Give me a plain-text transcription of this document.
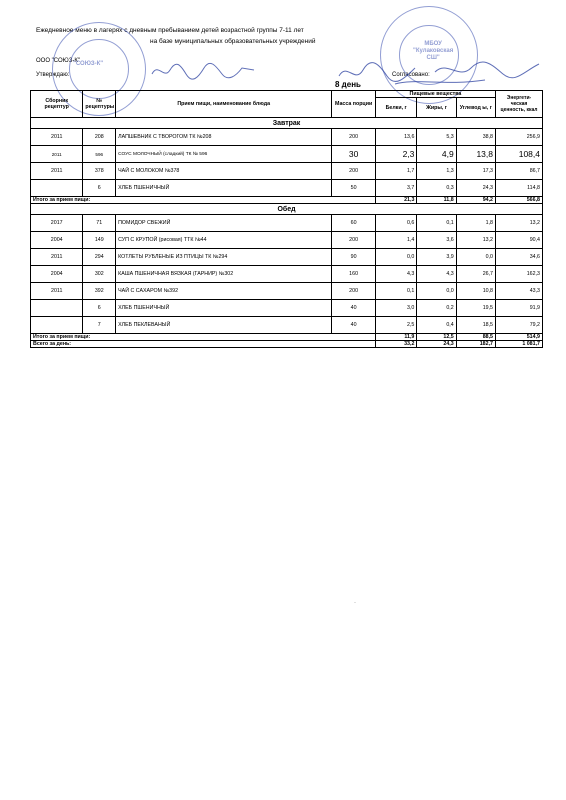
Ежедневное меню в лагерях с дневным пребыванием детей возрастной группы 7-11 лет
на базе муниципальных образовательных учреждений
ООО "СОЮЗ-К"
Утверждаю:	Согласовано:
8 день
"СОЮЗ-К"
МБОУ
"Кулаковская
СШ"
Сборник рецептур	№ рецептуры	Прием пищи, наименование блюда	Масса порции	Пищевые вещества			Энергети- ческая ценность, ккал
				Белки, г	Жиры, г	Углевод ы, г	
Завтрак							
2011	208	ЛАПШЕВНИК С ТВОРОГОМ ТК №208	200	13,6	5,3	38,8	256,9
2011	596	СОУС МОЛОЧНЫЙ (сладкий) ТК № 596	30	2,3	4,9	13,8	108,4
2011	378	ЧАЙ С МОЛОКОМ №378	200	1,7	1,3	17,3	86,7
	6	ХЛЕБ ПШЕНИЧНЫЙ	50	3,7	0,3	24,3	114,8
Итого за прием пищи:				21,3	11,8	94,2	566,8
Обед							
2017	71	ПОМИДОР СВЕЖИЙ	60	0,6	0,1	1,8	13,2
2004	149	СУП С КРУПОЙ (рисовая) ТТК №44	200	1,4	3,6	13,2	90,4
2011	294	КОТЛЕТЫ РУБЛЕНЫЕ ИЗ ПТИЦЫ ТК №294	90	0,0	3,9	0,0	34,6
2004	302	КАША ПШЕНИЧНАЯ ВЯЗКАЯ (ГАРНИР) №302	160	4,3	4,3	26,7	162,3
2011	392	ЧАЙ С САХАРОМ №392	200	0,1	0,0	10,8	43,3
	6	ХЛЕБ ПШЕНИЧНЫЙ	40	3,0	0,2	19,5	91,9
	7	ХЛЕБ ПЕКЛЕВАНЫЙ	40	2,5	0,4	18,5	79,2
Итого за прием пищи:				11,9	12,5	88,5	514,9
Всего за день:				33,2	24,3	182,7	1 081,7
·
